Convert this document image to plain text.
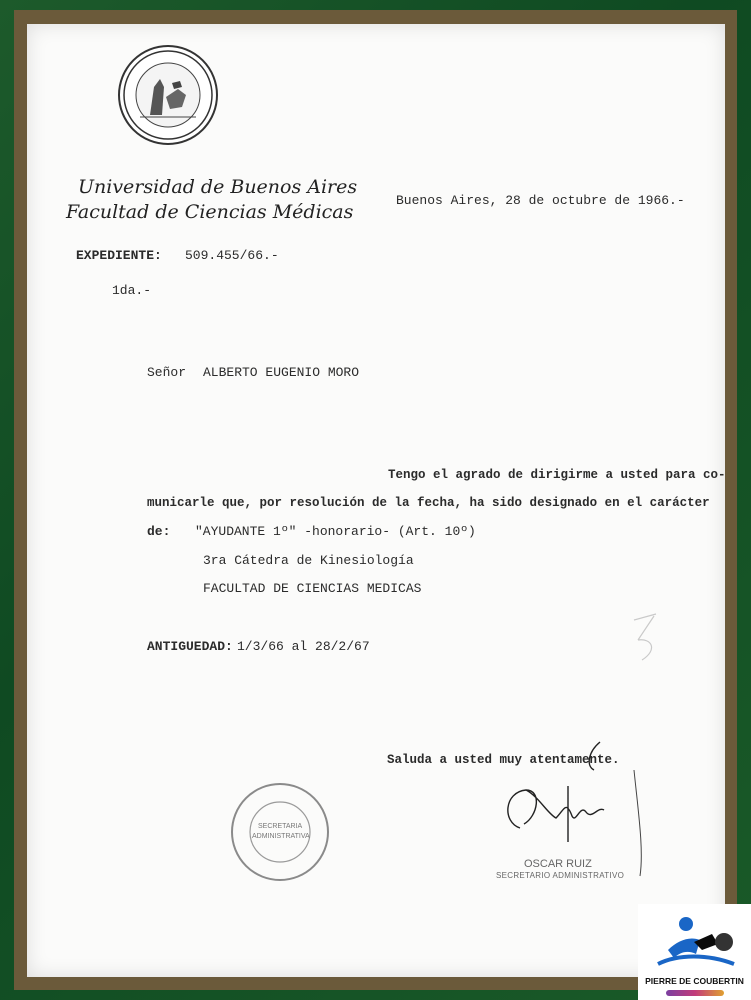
Universidad de Buenos Aires
Facultad de Ciencias Médicas
Buenos Aires, 28 de octubre de 1966.-
EXPEDIENTE: 509.455/66.-
1da.-
Señor ALBERTO EUGENIO MORO
Tengo el agrado de dirigirme a usted para co-
municarle que, por resolución de la fecha, ha sido designado en el carácter
de: "AYUDANTE 1º" -honorario- (Art. 10º)
3ra Cátedra de Kinesiología
FACULTAD DE CIENCIAS MEDICAS
ANTIGUEDAD: 1/3/66 al 28/2/67
Saluda a usted muy atentamente.
OSCAR RUIZ
SECRETARIO ADMINISTRATIVO
SECRETARIA
ADMINISTRATIVA
PIERRE DE COUBERTIN
